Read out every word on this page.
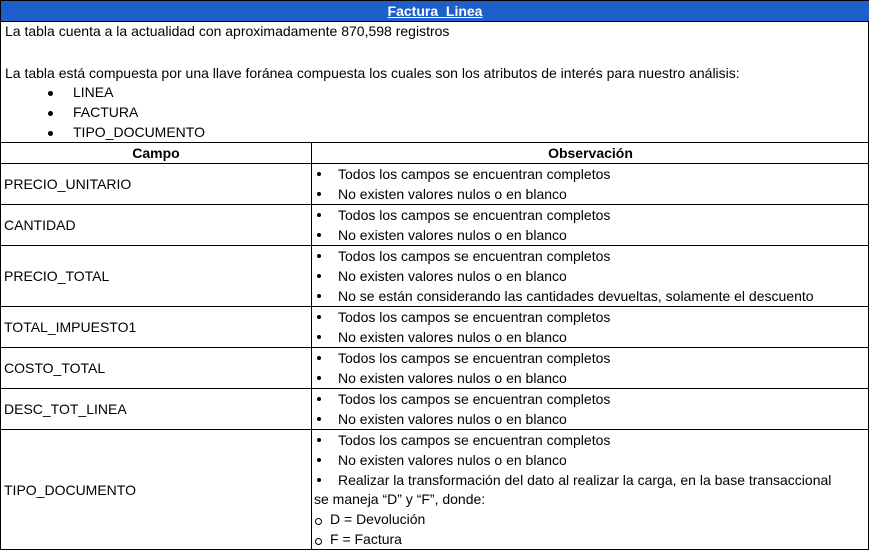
Factura_Linea
La tabla cuenta a la actualidad con aproximadamente 870,598 registros
La tabla está compuesta por una llave foránea compuesta los cuales son los atributos de interés para nuestro análisis:
LINEA
FACTURA
TIPO_DOCUMENTO
Campo	Observación
PRECIO_UNITARIO
Todos los campos se encuentran completos
No existen valores nulos o en blanco
CANTIDAD
Todos los campos se encuentran completos
No existen valores nulos o en blanco
PRECIO_TOTAL
Todos los campos se encuentran completos
No existen valores nulos o en blanco
No se están considerando las cantidades devueltas, solamente el descuento
TOTAL_IMPUESTO1
Todos los campos se encuentran completos
No existen valores nulos o en blanco
COSTO_TOTAL
Todos los campos se encuentran completos
No existen valores nulos o en blanco
DESC_TOT_LINEA
Todos los campos se encuentran completos
No existen valores nulos o en blanco
TIPO_DOCUMENTO
Todos los campos se encuentran completos
No existen valores nulos o en blanco
Realizar la transformación del dato al realizar la carga, en la base transaccional
se maneja “D” y “F”, donde:
D = Devolución
F = Factura
